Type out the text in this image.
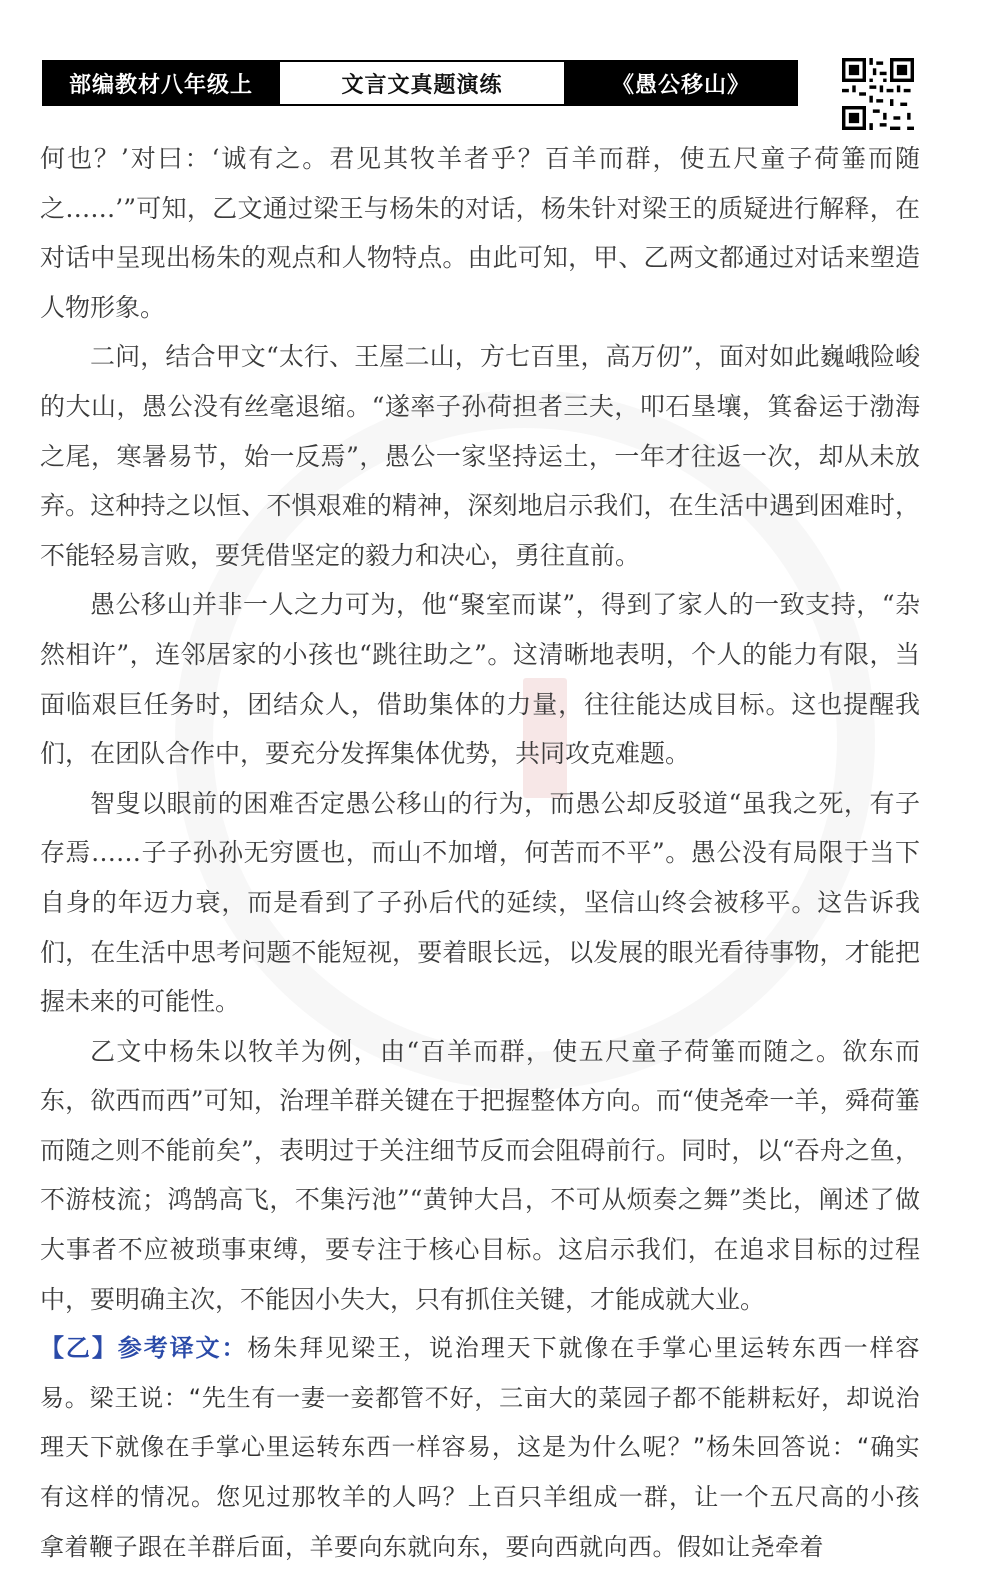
部编教材八年级上	文言文真题演练	《愚公移山》

何也？’对曰：‘诚有之。君见其牧羊者乎？百羊而群，使五尺童子荷箠而随之……’”可知，乙文通过梁王与杨朱的对话，杨朱针对梁王的质疑进行解释，在对话中呈现出杨朱的观点和人物特点。由此可知，甲、乙两文都通过对话来塑造人物形象。

二问，结合甲文“太行、王屋二山，方七百里，高万仞”，面对如此巍峨险峻的大山，愚公没有丝毫退缩。“遂率子孙荷担者三夫，叩石垦壤，箕畚运于渤海之尾，寒暑易节，始一反焉”，愚公一家坚持运土，一年才往返一次，却从未放弃。这种持之以恒、不惧艰难的精神，深刻地启示我们，在生活中遇到困难时，不能轻易言败，要凭借坚定的毅力和决心，勇往直前。

愚公移山并非一人之力可为，他“聚室而谋”，得到了家人的一致支持，“杂然相许”，连邻居家的小孩也“跳往助之”。这清晰地表明，个人的能力有限，当面临艰巨任务时，团结众人，借助集体的力量，往往能达成目标。这也提醒我们，在团队合作中，要充分发挥集体优势，共同攻克难题。

智叟以眼前的困难否定愚公移山的行为，而愚公却反驳道“虽我之死，有子存焉……子子孙孙无穷匮也，而山不加增，何苦而不平”。愚公没有局限于当下自身的年迈力衰，而是看到了子孙后代的延续，坚信山终会被移平。这告诉我们，在生活中思考问题不能短视，要着眼长远，以发展的眼光看待事物，才能把握未来的可能性。

乙文中杨朱以牧羊为例，由“百羊而群，使五尺童子荷箠而随之。欲东而东，欲西而西”可知，治理羊群关键在于把握整体方向。而“使尧牵一羊，舜荷箠而随之则不能前矣”，表明过于关注细节反而会阻碍前行。同时，以“吞舟之鱼，不游枝流；鸿鹄高飞，不集污池”“黄钟大吕，不可从烦奏之舞”类比，阐述了做大事者不应被琐事束缚，要专注于核心目标。这启示我们，在追求目标的过程中，要明确主次，不能因小失大，只有抓住关键，才能成就大业。

【乙】参考译文：杨朱拜见梁王，说治理天下就像在手掌心里运转东西一样容易。梁王说：“先生有一妻一妾都管不好，三亩大的菜园子都不能耕耘好，却说治理天下就像在手掌心里运转东西一样容易，这是为什么呢？”杨朱回答说：“确实有这样的情况。您见过那牧羊的人吗？上百只羊组成一群，让一个五尺高的小孩拿着鞭子跟在羊群后面，羊要向东就向东，要向西就向西。假如让尧牵着
